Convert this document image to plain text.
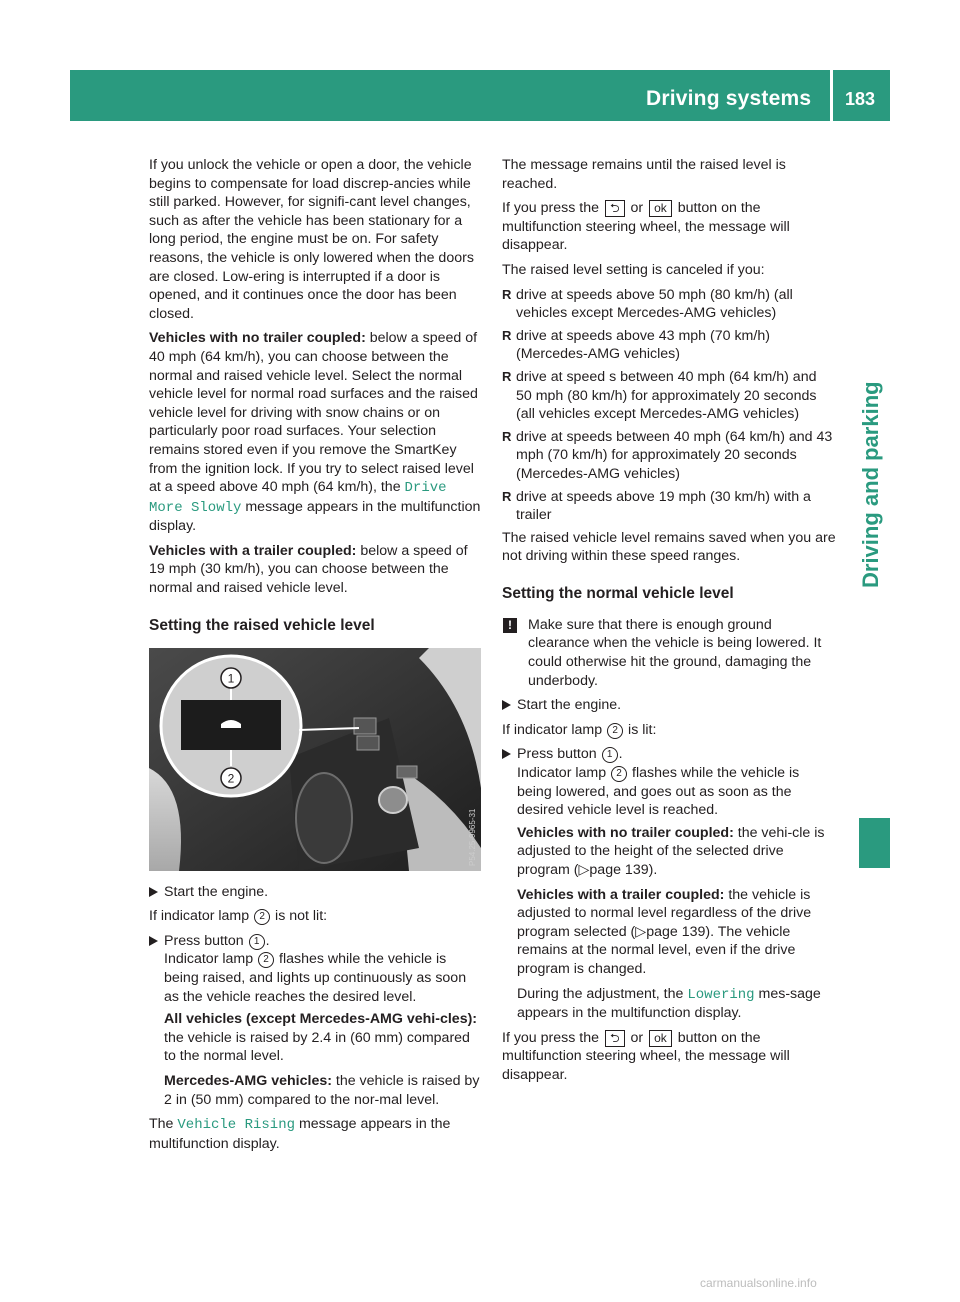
Driving systems 183
Driving and parking

If you unlock the vehicle or open a door, the vehicle begins to compensate for load discrep-ancies while still parked. However, for signifi-cant level changes, such as after the vehicle has been stationary for a long period, the engine must be on. For safety reasons, the vehicle is only lowered when the doors are closed. Low-ering is interrupted if a door is opened, and it continues once the door has been closed.

Vehicles with no trailer coupled: below a speed of 40 mph (64 km/h), you can choose between the normal and raised vehicle level. Select the normal vehicle level for normal road surfaces and the raised vehicle level for driving with snow chains or on particularly poor road surfaces. Your selection remains stored even if you remove the SmartKey from the ignition lock. If you try to select raised level at a speed above 40 mph (64 km/h), the Drive More Slowly message appears in the multifunction display.

Vehicles with a trailer coupled: below a speed of 19 mph (30 km/h), you can choose between the normal and raised vehicle level.

Setting the raised vehicle level
1
2
P54.25-9965-31

Start the engine.

If indicator lamp 2 is not lit:

Press button 1 .
Indicator lamp 2 flashes while the vehicle is being raised, and lights up continuously as soon as the vehicle reaches the desired level.

All vehicles (except Mercedes-AMG vehi-cles): the vehicle is raised by 2.4 in (60 mm) compared to the normal level.

Mercedes-AMG vehicles: the vehicle is raised by 2 in (50 mm) compared to the nor-mal level.

The Vehicle Rising message appears in the multifunction display.

The message remains until the raised level is reached.

If you press the ⮌ or ok button on the multifunction steering wheel, the message will disappear.

The raised level setting is canceled if you:

R drive at speeds above 50 mph (80 km/h) (all vehicles except Mercedes-AMG vehicles)
R drive at speeds above 43 mph (70 km/h) (Mercedes-AMG vehicles)
R drive at speed s between 40 mph (64 km/h) and 50 mph (80 km/h) for approximately 20 seconds (all vehicles except Mercedes-AMG vehicles)
R drive at speeds between 40 mph (64 km/h) and 43 mph (70 km/h) for approximately 20 seconds (Mercedes-AMG vehicles)
R drive at speeds above 19 mph (30 km/h) with a trailer

The raised vehicle level remains saved when you are not driving within these speed ranges.

Setting the normal vehicle level

!	Make sure that there is enough ground clearance when the vehicle is being lowered. It could otherwise hit the ground, damaging the underbody.

Start the engine.

If indicator lamp 2 is lit:

Press button 1 .
Indicator lamp 2 flashes while the vehicle is being lowered, and goes out as soon as the desired vehicle level is reached.

Vehicles with no trailer coupled: the vehi-cle is adjusted to the height of the selected drive program (▷page 139).

Vehicles with a trailer coupled: the vehicle is adjusted to normal level regardless of the drive program selected (▷page 139). The vehicle remains at the normal level, even if the drive program is changed.

During the adjustment, the Lowering mes-sage appears in the multifunction display.

If you press the ⮌ or ok button on the multifunction steering wheel, the message will disappear.

carmanualsonline.info
